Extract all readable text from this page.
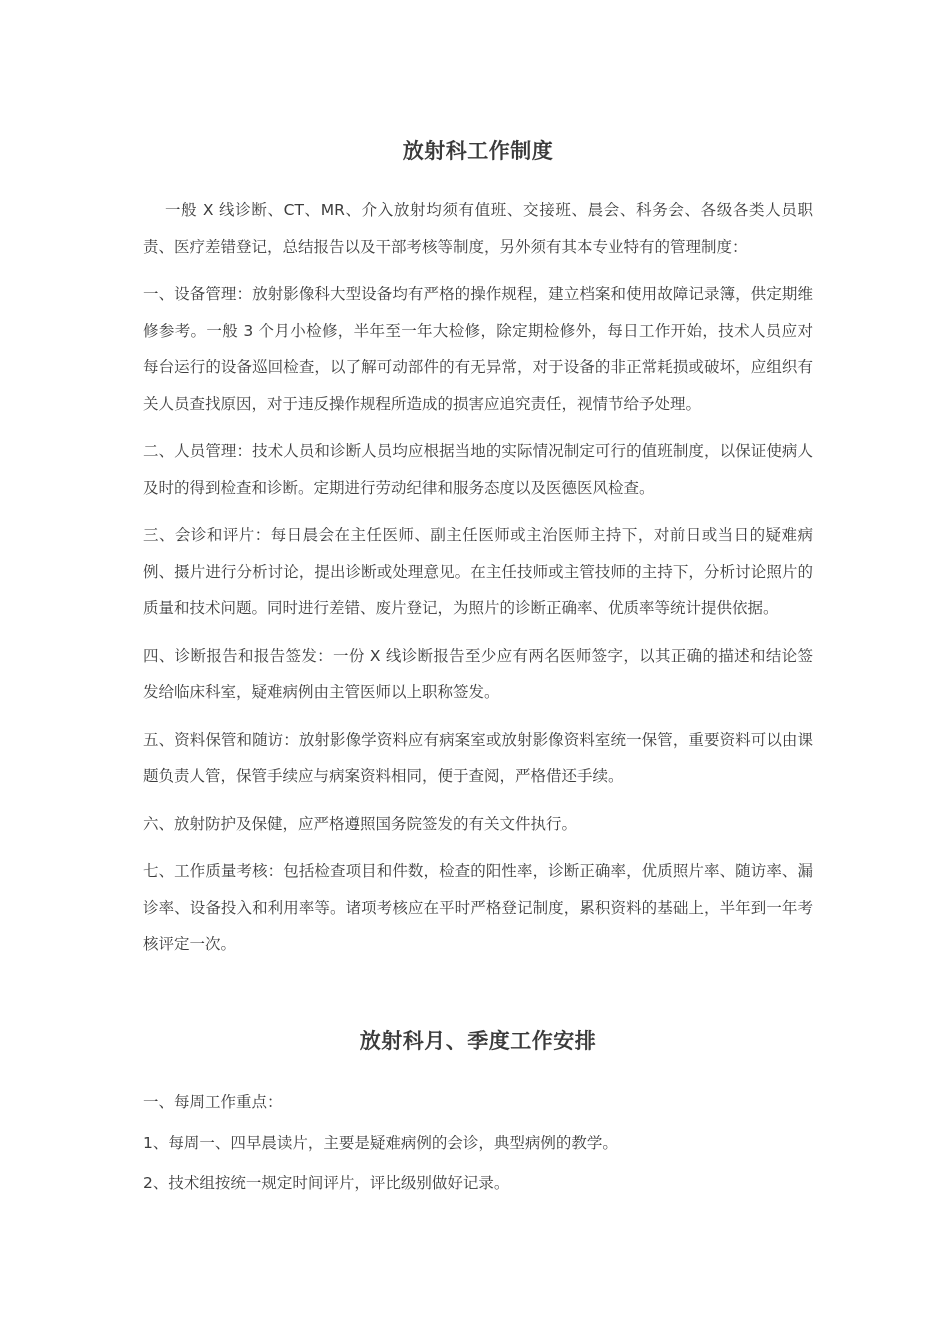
放射科工作制度

一般 X 线诊断、CT、MR、介入放射均须有值班、交接班、晨会、科务会、各级各类人员职责、医疗差错登记，总结报告以及干部考核等制度，另外须有其本专业特有的管理制度：

一、设备管理：放射影像科大型设备均有严格的操作规程，建立档案和使用故障记录簿，供定期维修参考。一般 3 个月小检修，半年至一年大检修，除定期检修外，每日工作开始，技术人员应对每台运行的设备巡回检查，以了解可动部件的有无异常，对于设备的非正常耗损或破坏，应组织有关人员查找原因，对于违反操作规程所造成的损害应追究责任，视情节给予处理。

二、人员管理：技术人员和诊断人员均应根据当地的实际情况制定可行的值班制度，以保证使病人及时的得到检查和诊断。定期进行劳动纪律和服务态度以及医德医风检查。

三、会诊和评片：每日晨会在主任医师、副主任医师或主治医师主持下，对前日或当日的疑难病例、摄片进行分析讨论，提出诊断或处理意见。在主任技师或主管技师的主持下，分析讨论照片的质量和技术问题。同时进行差错、废片登记，为照片的诊断正确率、优质率等统计提供依据。

四、诊断报告和报告签发：一份 X 线诊断报告至少应有两名医师签字，以其正确的描述和结论签发给临床科室，疑难病例由主管医师以上职称签发。

五、资料保管和随访：放射影像学资料应有病案室或放射影像资料室统一保管，重要资料可以由课题负责人管，保管手续应与病案资料相同，便于查阅，严格借还手续。

六、放射防护及保健，应严格遵照国务院签发的有关文件执行。

七、工作质量考核：包括检查项目和件数，检查的阳性率，诊断正确率，优质照片率、随访率、漏诊率、设备投入和利用率等。诸项考核应在平时严格登记制度，累积资料的基础上，半年到一年考核评定一次。

放射科月、季度工作安排

一、每周工作重点：

1、每周一、四早晨读片，主要是疑难病例的会诊，典型病例的教学。

2、技术组按统一规定时间评片，评比级别做好记录。
